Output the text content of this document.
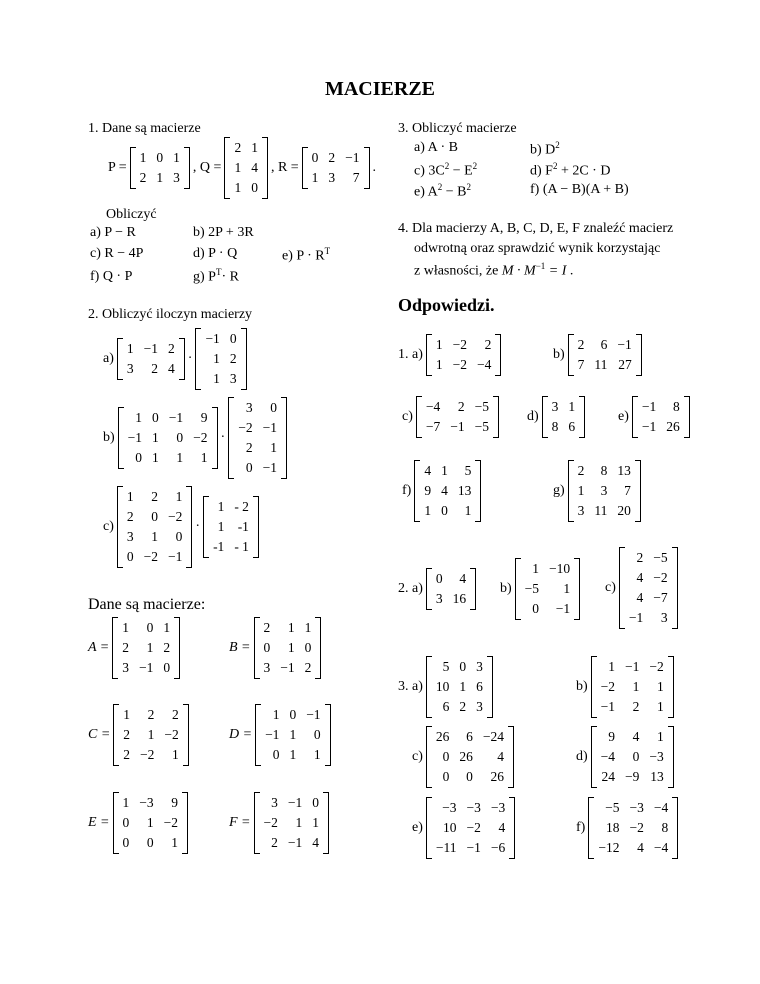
MACIERZE
1. Dane są macierze
P =
1	0	1
2	1	3
, Q =
2	1
1	4
1	0
, R =
0	2	−1
1	3	7
.
Obliczyć
a) P − R	b) 2P + 3R
c) R − 4P	d) P · Q	e) $P \cdot R^T$
f) Q · P	g) $P^T\cdot R$
2. Obliczyć iloczyn macierzy
a)
1	−1	2
3	2	4
·
−1	0
1	2
1	3
b)
1	0	−1	9
−1	1	0	−2
0	1	1	1
·
3	0
−2	−1
2	1
0	−1
c)
1	2	1
2	0	−2
3	1	0
0	−2	−1
·
1	- 2
1	-1
-1	- 1
Dane są macierze:
A =
1	0	1
2	1	2
3	−1	0
B =
2	1	1
0	1	0
3	−1	2
C =
1	2	2
2	1	−2
2	−2	1
D =
1	0	−1
−1	1	0
0	1	1
E =
1	−3	9
0	1	−2
0	0	1
F =
3	−1	0
−2	1	1
2	−1	4
3. Obliczyć macierze
a) A · B	b) $D^2$
c) $3C^2 - E^2$	d) $F^2 + 2C \cdot D$
e) $A^2 - B^2$	f) (A − B)(A + B)
4. Dla macierzy A, B, C, D, E, F znaleźć macierz
odwrotną oraz sprawdzić wynik korzystając
z własności, że $M \cdot M^{-1} = I$ .
Odpowiedzi.
1. a)
1	−2	2
1	−2	−4
b)
2	6	−1
7	11	27
c)
−4	2	−5
−7	−1	−5
d)
3	1
8	6
e)
−1	8
−1	26
f)
4	1	5
9	4	13
1	0	1
g)
2	8	13
1	3	7
3	11	20
2. a)
0	4
3	16
b)
1	−10
−5	1
0	−1
c)
2	−5
4	−2
4	−7
−1	3
3. a)
5	0	3
10	1	6
6	2	3
b)
1	−1	−2
−2	1	1
−1	2	1
c)
26	6	−24
0	26	4
0	0	26
d)
9	4	1
−4	0	−3
24	−9	13
e)
−3	−3	−3
10	−2	4
−11	−1	−6
f)
−5	−3	−4
18	−2	8
−12	4	−4
